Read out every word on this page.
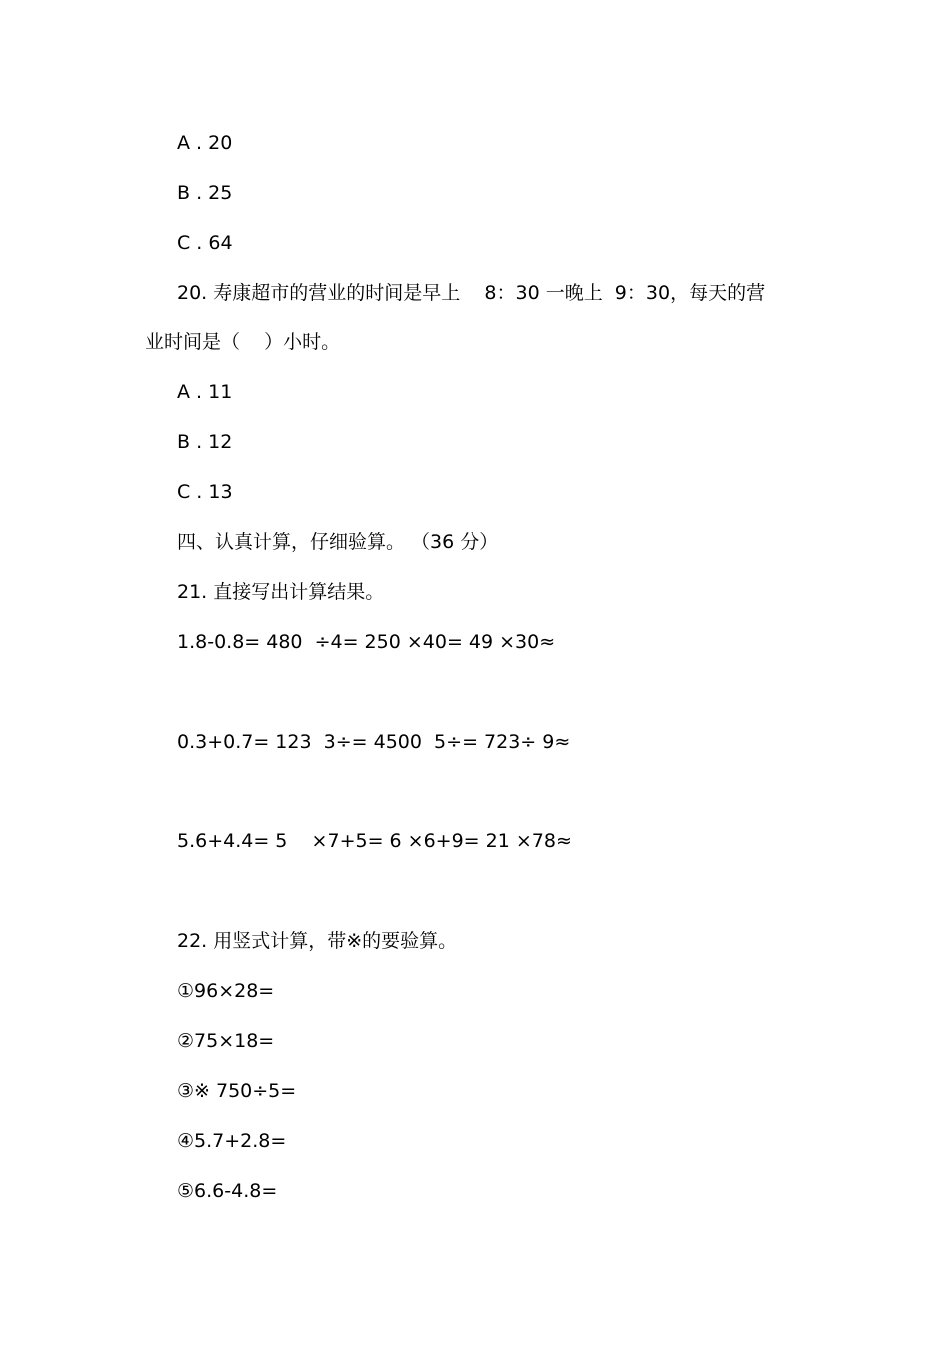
A . 20
B . 25
C . 64
20. 寿康超市的营业的时间是早上    8：30 一晚上  9：30，每天的营
业时间是（    ）小时。
A . 11
B . 12
C . 13
四、认真计算，仔细验算。 （36 分）
21. 直接写出计算结果。
1.8-0.8= 480  ÷4= 250 ×40= 49 ×30≈
0.3+0.7= 123  3÷= 4500  5÷= 723÷ 9≈
5.6+4.4= 5    ×7+5= 6 ×6+9= 21 ×78≈
22. 用竖式计算，带※的要验算。
①96×28=
②75×18=
③※ 750÷5=
④5.7+2.8=
⑤6.6-4.8=
